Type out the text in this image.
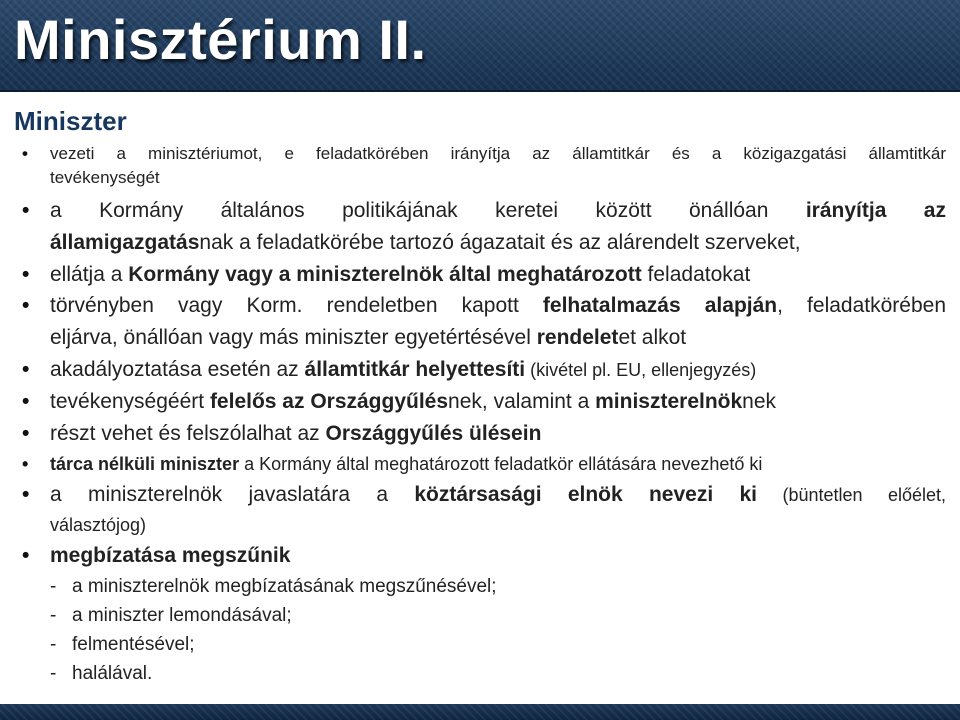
Minisztérium II.
Miniszter
• vezeti a minisztériumot, e feladatkörében irányítja az államtitkár és a közigazgatási államtitkár
tevékenységét
• a Kormány általános politikájának keretei között önállóan irányítja az
államigazgatásnak a feladatkörébe tartozó ágazatait és az alárendelt szerveket,
• ellátja a Kormány vagy a miniszterelnök által meghatározott feladatokat
• törvényben vagy Korm. rendeletben kapott felhatalmazás alapján, feladatkörében
eljárva, önállóan vagy más miniszter egyetértésével rendeletet alkot
• akadályoztatása esetén az államtitkár helyettesíti (kivétel pl. EU, ellenjegyzés)
• tevékenységéért felelős az Országgyűlésnek, valamint a miniszterelnöknek
• részt vehet és felszólalhat az Országgyűlés ülésein
• tárca nélküli miniszter a Kormány által meghatározott feladatkör ellátására nevezhető ki
• a miniszterelnök javaslatára a köztársasági elnök nevezi ki (büntetlen előélet,
választójog)
• megbízatása megszűnik
- a miniszterelnök megbízatásának megszűnésével;
- a miniszter lemondásával;
- felmentésével;
- halálával.
